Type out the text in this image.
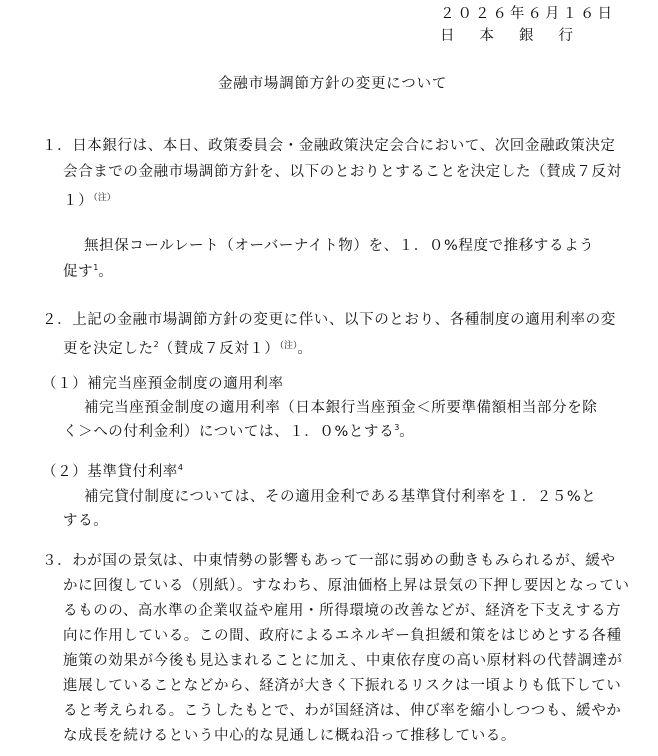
２０２６年６月１６日
日本銀行
金融市場調節方針の変更について
１．日本銀行は、本日、政策委員会・金融政策決定会合において、次回金融政策決定
会合までの金融市場調節方針を、以下のとおりとすることを決定した（賛成７反対
１）$^{(注)}$
無担保コールレート（オーバーナイト物）を、１．０%程度で推移するよう
促す$^1$。
２．上記の金融市場調節方針の変更に伴い、以下のとおり、各種制度の適用利率の変
更を決定した$^2$（賛成７反対１）$^{(注)}$。
（１）補完当座預金制度の適用利率
補完当座預金制度の適用利率（日本銀行当座預金＜所要準備額相当部分を除
く＞への付利金利）については、１．０%とする$^3$。
（２）基準貸付利率$^4$
補完貸付制度については、その適用金利である基準貸付利率を１．２５%と
する。
３．わが国の景気は、中東情勢の影響もあって一部に弱めの動きもみられるが、緩や
かに回復している（別紙）。すなわち、原油価格上昇は景気の下押し要因となってい
るものの、高水準の企業収益や雇用・所得環境の改善などが、経済を下支えする方
向に作用している。この間、政府によるエネルギー負担緩和策をはじめとする各種
施策の効果が今後も見込まれることに加え、中東依存度の高い原材料の代替調達が
進展していることなどから、経済が大きく下振れるリスクは一頃よりも低下してい
ると考えられる。こうしたもとで、わが国経済は、伸び率を縮小しつつも、緩やか
な成長を続けるという中心的な見通しに概ね沿って推移している。
